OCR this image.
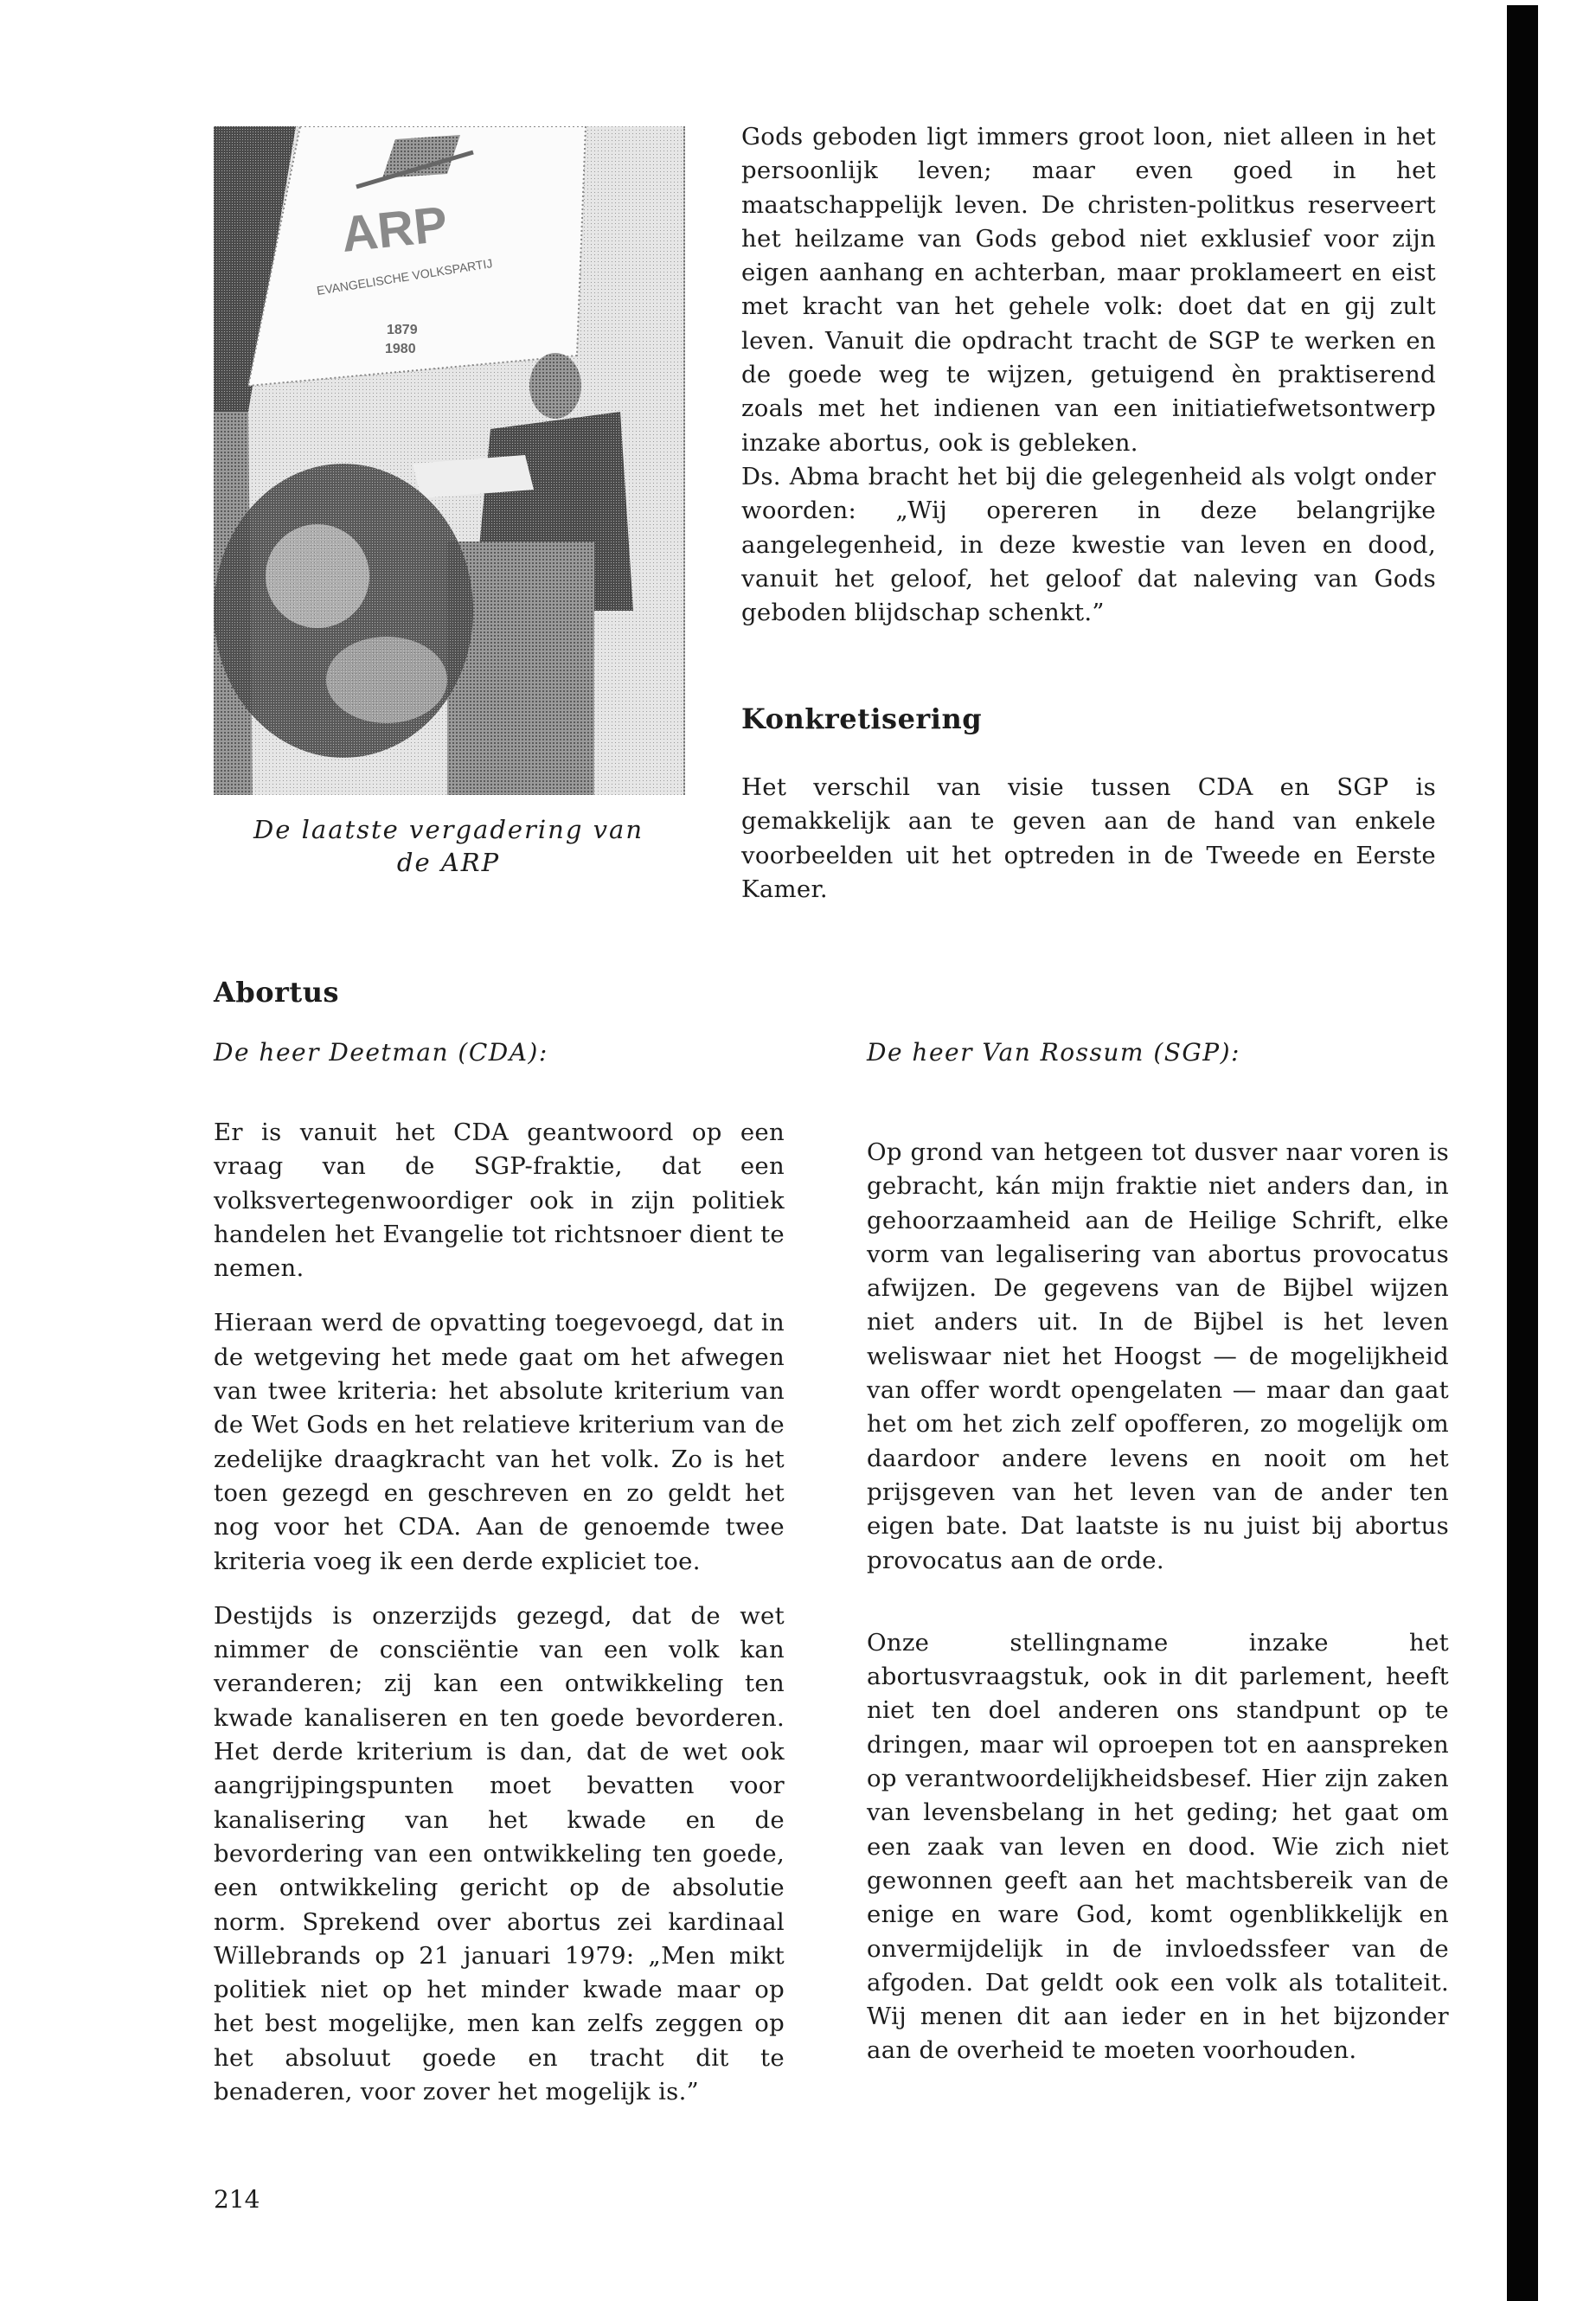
ARP
EVANGELISCHE VOLKSPARTIJ
1879
1980
De laatste vergadering van
de ARP

Gods geboden ligt immers groot loon, niet alleen in het persoonlijk leven; maar even goed in het maatschappelijk leven. De christen-politkus reserveert het heilzame van Gods gebod niet exklusief voor zijn eigen aanhang en achterban, maar proklameert en eist met kracht van het gehele volk: doet dat en gij zult leven. Vanuit die opdracht tracht de SGP te werken en de goede weg te wijzen, getuigend èn praktiserend zoals met het indienen van een initiatiefwetsontwerp inzake abortus, ook is gebleken.

Ds. Abma bracht het bij die gelegenheid als volgt onder woorden: „Wij opereren in deze belangrijke aangelegenheid, in deze kwestie van leven en dood, vanuit het geloof, het geloof dat naleving van Gods geboden blijdschap schenkt.”

Konkretisering

Het verschil van visie tussen CDA en SGP is gemakkelijk aan te geven aan de hand van enkele voorbeelden uit het optreden in de Tweede en Eerste Kamer.

Abortus
De heer Deetman (CDA):	De heer Van Rossum (SGP):

Er is vanuit het CDA geantwoord op een vraag van de SGP-fraktie, dat een volksvertegenwoordiger ook in zijn politiek handelen het Evangelie tot richtsnoer dient te nemen.

Hieraan werd de opvatting toegevoegd, dat in de wetgeving het mede gaat om het afwegen van twee kriteria: het absolute kriterium van de Wet Gods en het relatieve kriterium van de zedelijke draagkracht van het volk. Zo is het toen gezegd en geschreven en zo geldt het nog voor het CDA. Aan de genoemde twee kriteria voeg ik een derde expliciet toe.

Destijds is onzerzijds gezegd, dat de wet nimmer de consciëntie van een volk kan veranderen; zij kan een ontwikkeling ten kwade kanaliseren en ten goede bevorderen. Het derde kriterium is dan, dat de wet ook aangrijpingspunten moet bevatten voor kanalisering van het kwade en de bevordering van een ontwikkeling ten goede, een ontwikkeling gericht op de absolutie norm. Sprekend over abortus zei kardinaal Willebrands op 21 januari 1979: „Men mikt politiek niet op het minder kwade maar op het best mogelijke, men kan zelfs zeggen op het absoluut goede en tracht dit te benaderen, voor zover het mogelijk is.”

Op grond van hetgeen tot dusver naar voren is gebracht, kán mijn fraktie niet anders dan, in gehoorzaamheid aan de Heilige Schrift, elke vorm van legalisering van abortus provocatus afwijzen. De gegevens van de Bijbel wijzen niet anders uit. In de Bijbel is het leven weliswaar niet het Hoogst — de mogelijkheid van offer wordt opengelaten — maar dan gaat het om het zich zelf opofferen, zo mogelijk om daardoor andere levens en nooit om het prijsgeven van het leven van de ander ten eigen bate. Dat laatste is nu juist bij abortus provocatus aan de orde.

Onze stellingname inzake het abortusvraagstuk, ook in dit parlement, heeft niet ten doel anderen ons standpunt op te dringen, maar wil oproepen tot en aanspreken op verantwoordelijkheidsbesef. Hier zijn zaken van levensbelang in het geding; het gaat om een zaak van leven en dood. Wie zich niet gewonnen geeft aan het machtsbereik van de enige en ware God, komt ogenblikkelijk en onvermijdelijk in de invloedssfeer van de afgoden. Dat geldt ook een volk als totaliteit. Wij menen dit aan ieder en in het bijzonder aan de overheid te moeten voorhouden.

214
